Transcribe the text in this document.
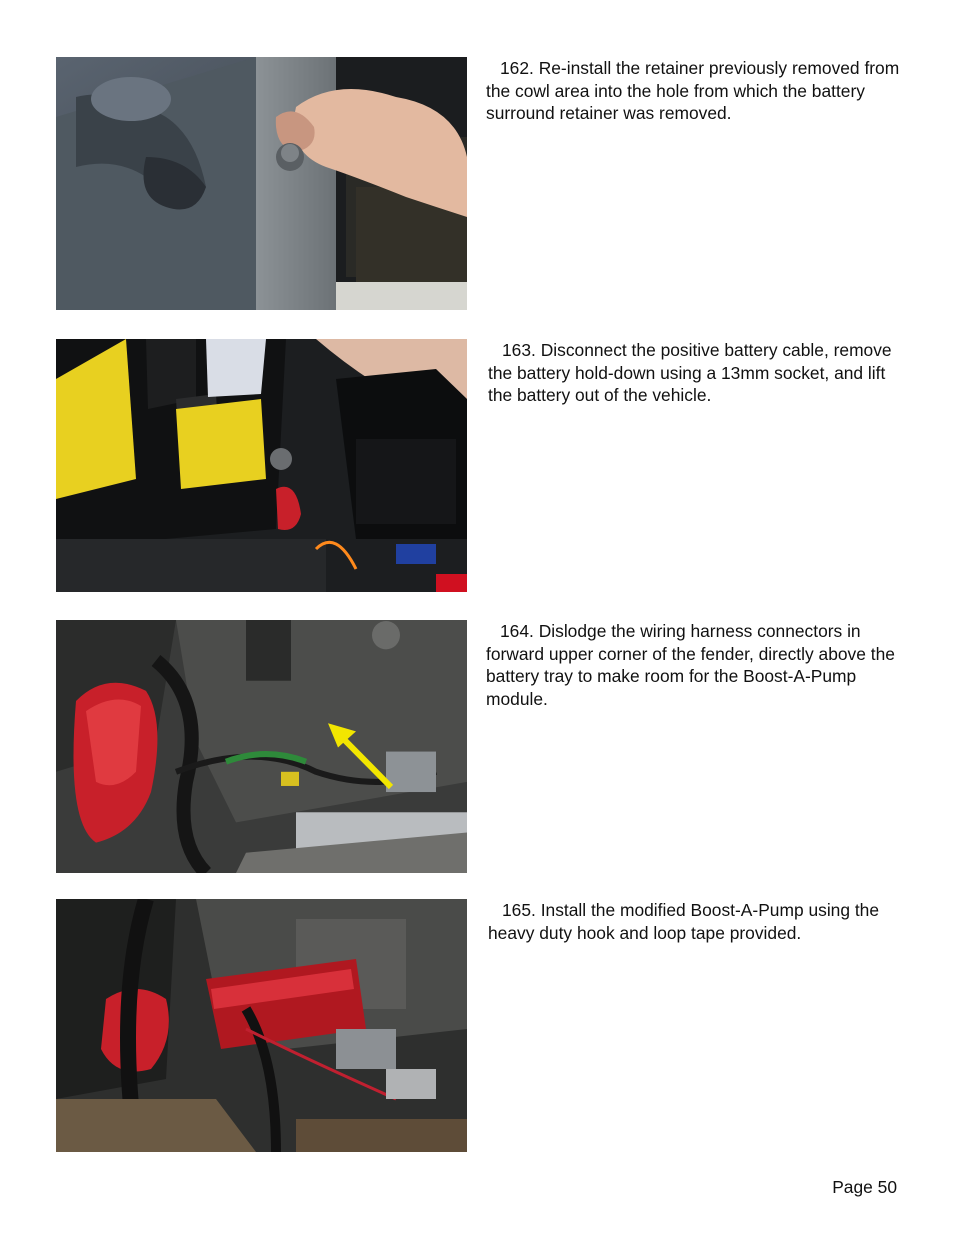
162. Re-install the retainer previously removed from the cowl area into the hole from which the battery surround retainer was removed.

163. Disconnect the positive battery cable, remove the battery hold-down using a 13mm socket, and lift the battery out of the vehicle.

164. Dislodge the wiring harness connectors in forward upper corner of the fender, directly above the battery tray to make room for the Boost-A-Pump module.

165. Install the modified Boost-A-Pump using the heavy duty hook and loop tape provided.

Page 50
